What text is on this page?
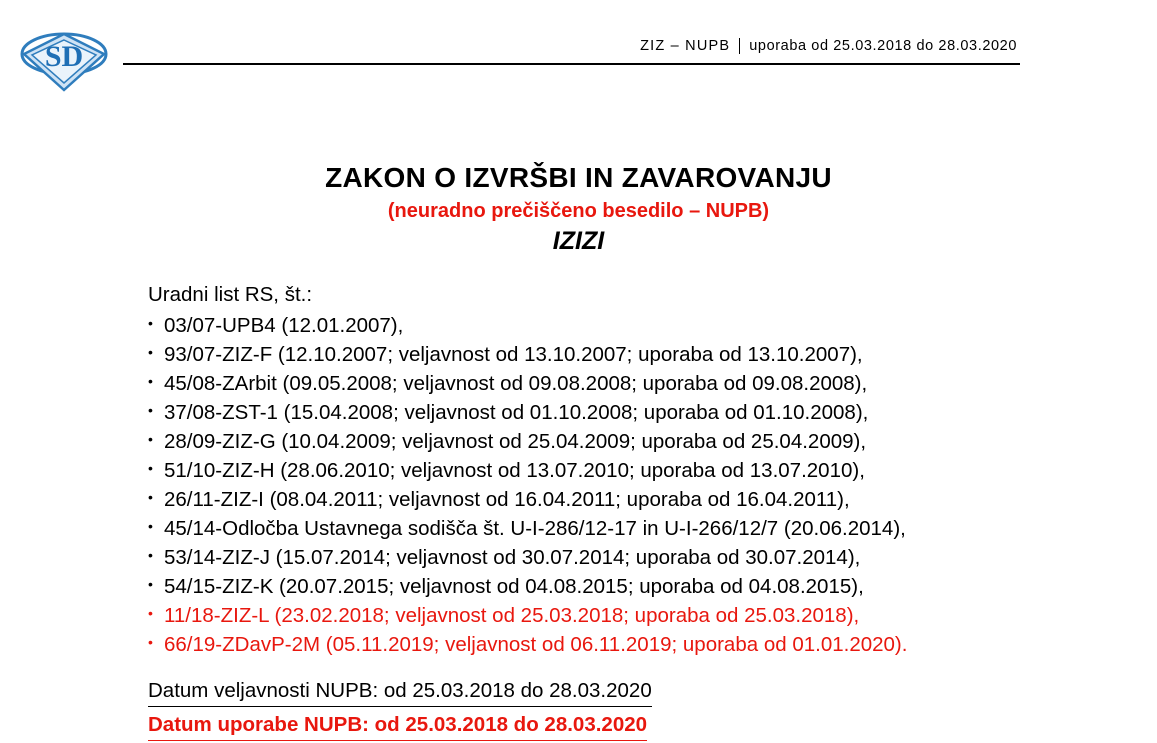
SD	ZIZ – NUPB	uporaba od 25.03.2018 do 28.03.2020
ZAKON O IZVRŠBI IN ZAVAROVANJU
(neuradno prečiščeno besedilo – NUPB)
IZIZI
Uradni list RS, št.:
• 03/07-UPB4 (12.01.2007),
• 93/07-ZIZ-F (12.10.2007; veljavnost od 13.10.2007; uporaba od 13.10.2007),
• 45/08-ZArbit (09.05.2008; veljavnost od 09.08.2008; uporaba od 09.08.2008),
• 37/08-ZST-1 (15.04.2008; veljavnost od 01.10.2008; uporaba od 01.10.2008),
• 28/09-ZIZ-G (10.04.2009; veljavnost od 25.04.2009; uporaba od 25.04.2009),
• 51/10-ZIZ-H (28.06.2010; veljavnost od 13.07.2010; uporaba od 13.07.2010),
• 26/11-ZIZ-I (08.04.2011; veljavnost od 16.04.2011; uporaba od 16.04.2011),
• 45/14-Odločba Ustavnega sodišča št. U-I-286/12-17 in U-I-266/12/7 (20.06.2014),
• 53/14-ZIZ-J (15.07.2014; veljavnost od 30.07.2014; uporaba od 30.07.2014),
• 54/15-ZIZ-K (20.07.2015; veljavnost od 04.08.2015; uporaba od 04.08.2015),
• 11/18-ZIZ-L (23.02.2018; veljavnost od 25.03.2018; uporaba od 25.03.2018),
• 66/19-ZDavP-2M (05.11.2019; veljavnost od 06.11.2019; uporaba od 01.01.2020).
Datum veljavnosti NUPB: od 25.03.2018 do 28.03.2020
Datum uporabe NUPB: od 25.03.2018 do 28.03.2020
